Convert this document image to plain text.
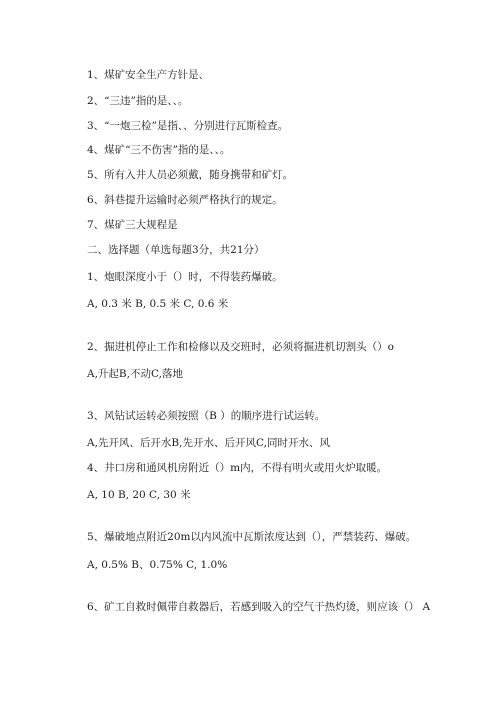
1、煤矿安全生产方针是、
2、“三违”指的是、、。
3、“一炮三检”是指、、分别进行瓦斯检查。
4、煤矿“三不伤害”指的是、、。
5、所有入井人员必须戴，随身携带和矿灯。
6、斜巷提升运输时必须严格执行的规定。
7、煤矿三大规程是
二、选择题（单选每题3分，共21分）
1、炮眼深度小于（）时，不得装药爆破。
A, 0.3 米 B, 0.5 米 C, 0.6 米
2、掘进机停止工作和检修以及交班时，必须将掘进机切割头（）o
A,升起B,不动C,落地
3、风钻试运转必须按照（B ）的顺序进行试运转。
A,先开风、后开水B,先开水、后开风C,同时开水、风
4、井口房和通风机房附近（）m内，不得有明火或用火炉取暖。
A, 10 B, 20 C, 30 米
5、爆破地点附近20m以内风流中瓦斯浓度达到（），严禁装药、爆破。
A, 0.5% B、0.75% C, 1.0%
6、矿工自救时佩带自救器后，若感到吸入的空气干热灼烫，则应该（） A
